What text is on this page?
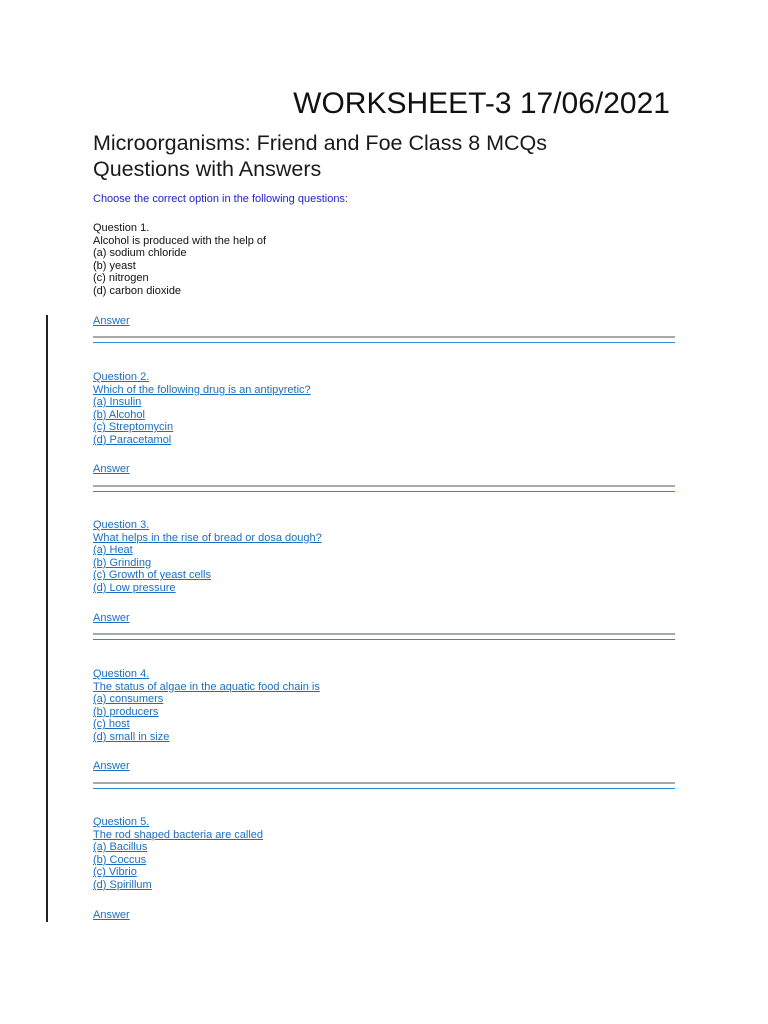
WORKSHEET-3 17/06/2021
Microorganisms: Friend and Foe Class 8 MCQs
Questions with Answers
Choose the correct option in the following questions:
Question 1.
Alcohol is produced with the help of
(a) sodium chloride
(b) yeast
(c) nitrogen
(d) carbon dioxide
Answer
Question 2.
Which of the following drug is an antipyretic?
(a) Insulin
(b) Alcohol
(c) Streptomycin
(d) Paracetamol
Answer
Question 3.
What helps in the rise of bread or dosa dough?
(a) Heat
(b) Grinding
(c) Growth of yeast cells
(d) Low pressure
Answer
Question 4.
The status of algae in the aquatic food chain is
(a) consumers
(b) producers
(c) host
(d) small in size
Answer
Question 5.
The rod shaped bacteria are called
(a) Bacillus
(b) Coccus
(c) Vibrio
(d) Spirillum
Answer
